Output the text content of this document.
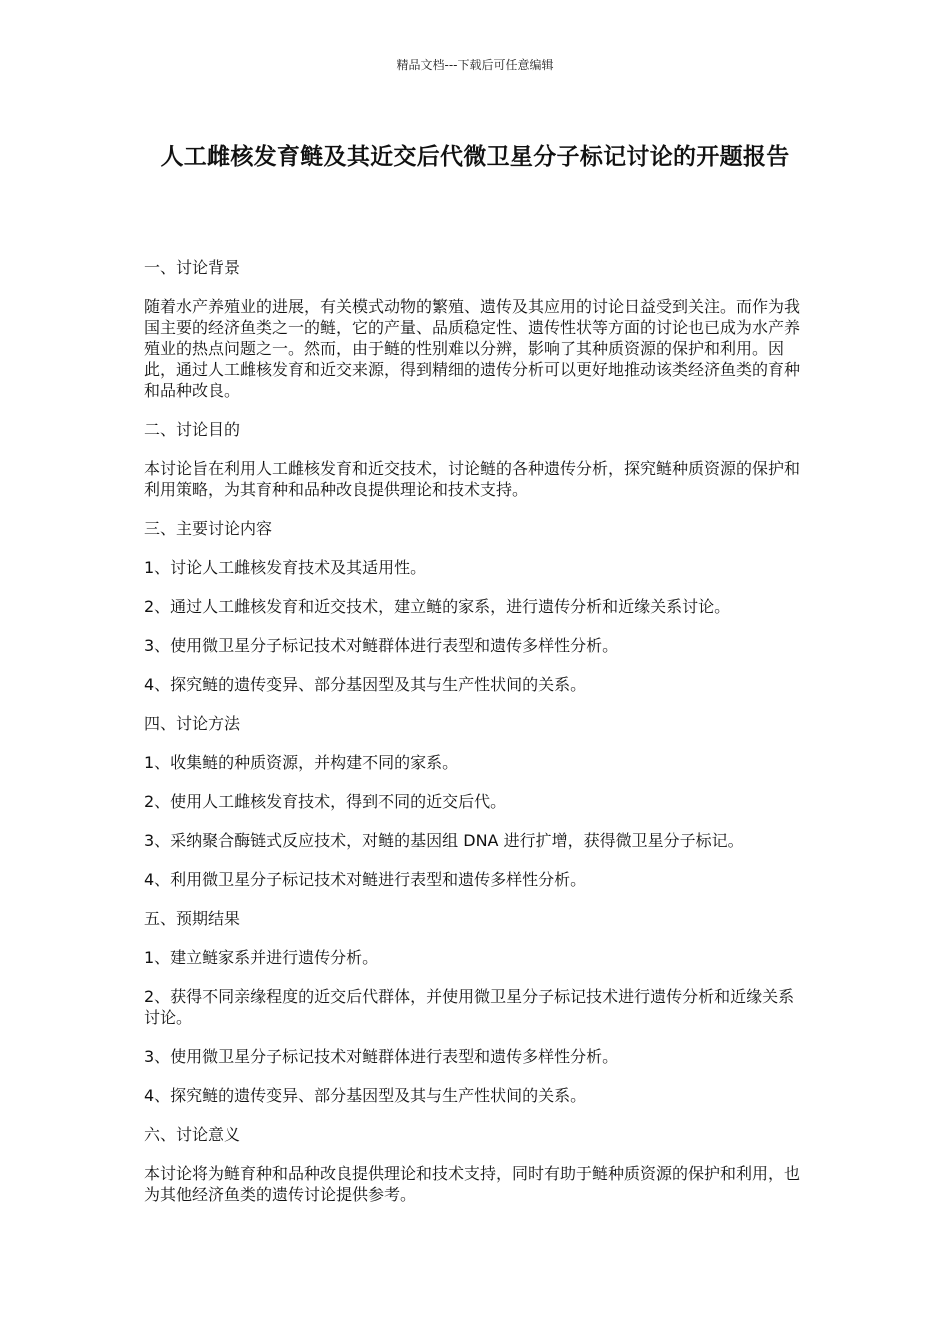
精品文档---下载后可任意编辑
人工雌核发育鲢及其近交后代微卫星分子标记讨论的开题报告

一、讨论背景

随着水产养殖业的进展，有关模式动物的繁殖、遗传及其应用的讨论日益受到关注。而作为我国主要的经济鱼类之一的鲢，它的产量、品质稳定性、遗传性状等方面的讨论也已成为水产养殖业的热点问题之一。然而，由于鲢的性别难以分辨，影响了其种质资源的保护和利用。因此，通过人工雌核发育和近交来源，得到精细的遗传分析可以更好地推动该类经济鱼类的育种和品种改良。

二、讨论目的

本讨论旨在利用人工雌核发育和近交技术，讨论鲢的各种遗传分析，探究鲢种质资源的保护和利用策略，为其育种和品种改良提供理论和技术支持。

三、主要讨论内容

1、讨论人工雌核发育技术及其适用性。

2、通过人工雌核发育和近交技术，建立鲢的家系，进行遗传分析和近缘关系讨论。

3、使用微卫星分子标记技术对鲢群体进行表型和遗传多样性分析。

4、探究鲢的遗传变异、部分基因型及其与生产性状间的关系。

四、讨论方法

1、收集鲢的种质资源，并构建不同的家系。

2、使用人工雌核发育技术，得到不同的近交后代。

3、采纳聚合酶链式反应技术，对鲢的基因组 DNA 进行扩增，获得微卫星分子标记。

4、利用微卫星分子标记技术对鲢进行表型和遗传多样性分析。

五、预期结果

1、建立鲢家系并进行遗传分析。

2、获得不同亲缘程度的近交后代群体，并使用微卫星分子标记技术进行遗传分析和近缘关系讨论。

3、使用微卫星分子标记技术对鲢群体进行表型和遗传多样性分析。

4、探究鲢的遗传变异、部分基因型及其与生产性状间的关系。

六、讨论意义

本讨论将为鲢育种和品种改良提供理论和技术支持，同时有助于鲢种质资源的保护和利用，也为其他经济鱼类的遗传讨论提供参考。
